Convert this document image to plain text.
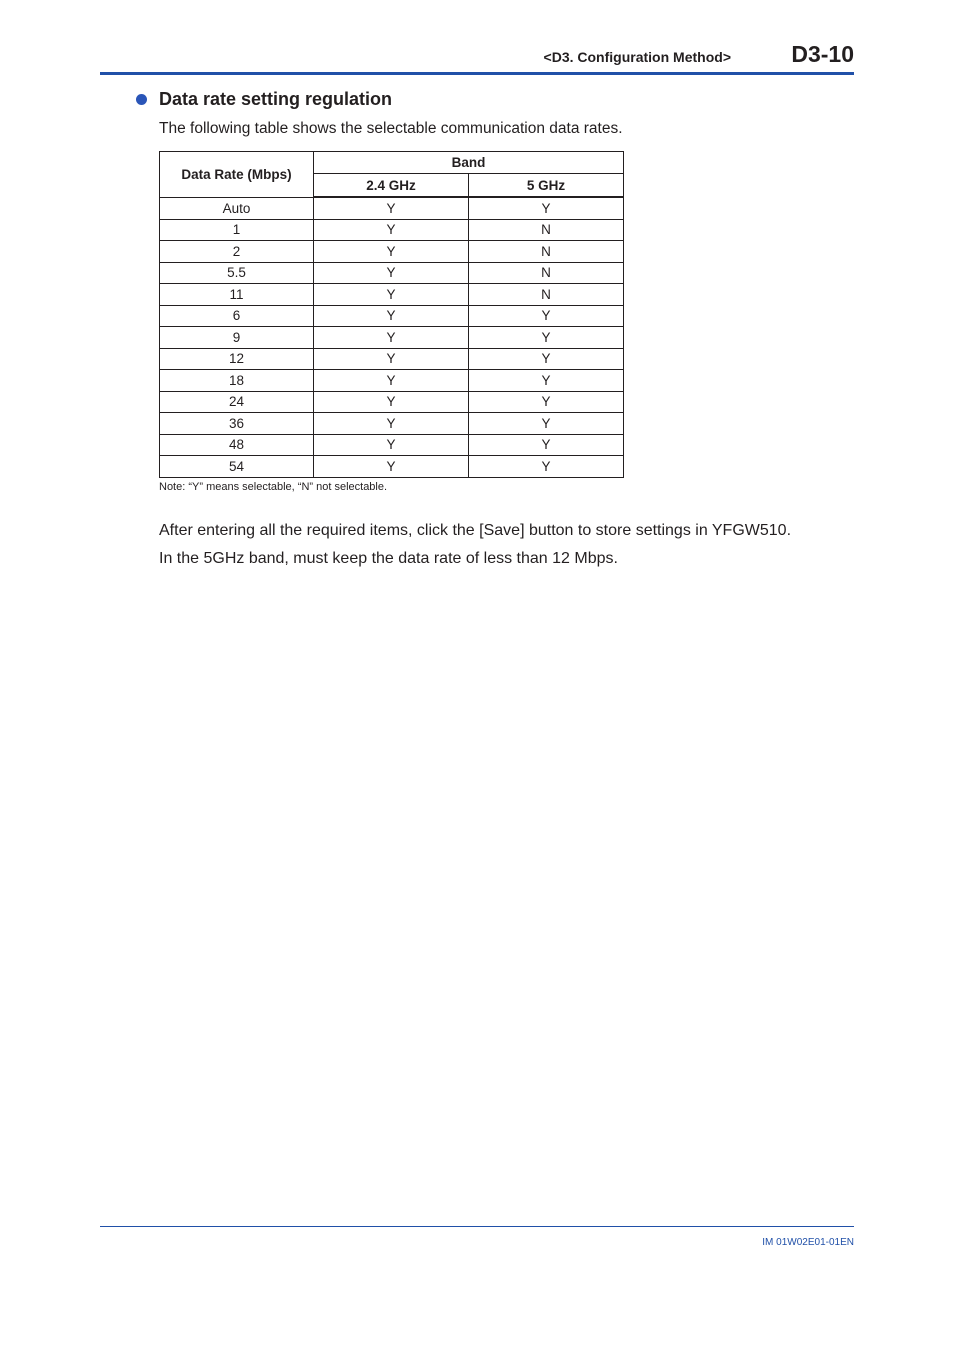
<D3. Configuration Method>	D3-10
Data rate setting regulation
The following table shows the selectable communication data rates.
Data Rate (Mbps)	Band	
	2.4 GHz	5 GHz
Auto	Y	Y
1	Y	N
2	Y	N
5.5	Y	N
11	Y	N
6	Y	Y
9	Y	Y
12	Y	Y
18	Y	Y
24	Y	Y
36	Y	Y
48	Y	Y
54	Y	Y
Note: “Y” means selectable, “N” not selectable.

After entering all the required items, click the [Save] button to store settings in YFGW510.

In the 5GHz band, must keep the data rate of less than 12 Mbps.

IM 01W02E01-01EN
